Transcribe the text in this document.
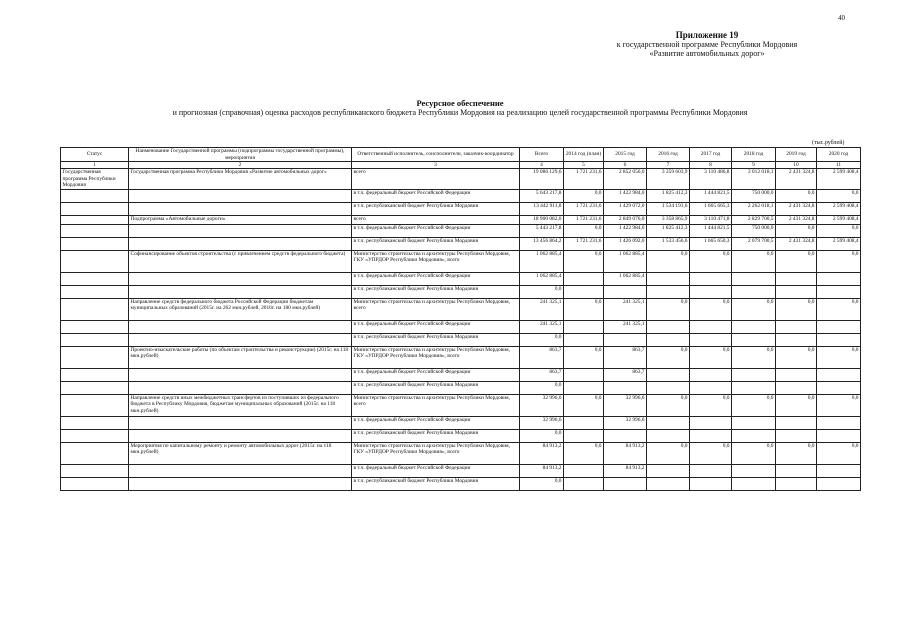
40
Приложение 19
к государственной программе Республики Мордовия
«Развитие автомобильных дорог»
Ресурсное обеспечение
и прогнозная (справочная) оценка расходов республиканского бюджета Республики Мордовия на реализацию целей государственной программы Республики Мордовия
(тыс.рублей)
Статус	Наименование Государственной программы (подпрограммы государственной программы), мероприятия	Ответственный исполнитель, соисполнители, заказчик-координатор	Всего	2014 год (план)	2015 год	2016 год	2017 год	2018 год	2019 год	2020 год
1	2	3	4	5	6	7	8	9	10	11
Государственная программа Республики Мордовия	Государственная программа Республики Мордовия «Развитие автомобильных дорог»	всего	19 086 129,6	1 721 231,6	2 852 056,0	3 359 603,9	3 110 486,8	3 012 018,1	2 431 324,8	2 599 408,4
		в т.ч. федеральный бюджет Российской Федерации	5 643 217,8	0,0	1 422 984,0	1 825 412,3	1 444 821,5	750 000,0	0,0	0,0
		в т.ч. республиканский бюджет Республики Мордовия	13 442 911,8	1 721 231,6	1 429 072,0	1 534 191,6	1 665 665,3	2 262 018,1	2 431 324,8	2 599 408,4
	Подпрограмма «Автомобильные дороги»	всего	18 900 082,0	1 721 231,6	2 849 076,0	3 358 865,9	3 110 471,8	2 829 700,5	2 431 324,8	2 599 408,4
		в т.ч. федеральный бюджет Российской Федерации	5 443 217,8	0,0	1 422 984,0	1 825 412,3	1 444 821,5	750 000,0	0,0	0,0
		в т.ч. республиканский бюджет Республики Мордовия	13 456 864,2	1 721 231,6	1 426 092,0	1 533 456,6	1 665 650,3	2 079 700,5	2 431 324,8	2 599 408,4
	Софинансирование объектов строительства (с привлечением средств федерального бюджета)	Министерство строительства и архитектуры Республики Мордовия, ГКУ «УПРДОР Республики Мордовия», всего	1 062 885,4	0,0	1 062 885,4	0,0	0,0	0,0	0,0	0,0
		в т.ч. федеральный бюджет Российской Федерации	1 062 885,4		1 062 885,4					
		в т.ч. республиканский бюджет Республики Мордовия	0,0							
	Направление средств федерального бюджета Российской Федерации бюджетам муниципальных образований (2015г. на 262 мкн.рублей, 2016г. на 180 мкн.рублей)	Министерство строительства и архитектуры Республики Мордовия, всего	241 325,1	0,0	241 325,1	0,0	0,0	0,0	0,0	0,0
		в т.ч. федеральный бюджет Российской Федерации	241 325,1		241 325,1					
		в т.ч. республиканский бюджет Республики Мордовия	0,0							
	Проектно-изыскательские работы (по объектам строительства и реконструкции) (2015г. на 118 мкн.рублей)	Министерство строительства и архитектуры Республики Мордовия, ГКУ «УПРДОР Республики Мордовия», всего	863,7	0,0	863,7	0,0	0,0	0,0	0,0	0,0
		в т.ч. федеральный бюджет Российской Федерации	863,7		863,7					
		в т.ч. республиканский бюджет Республики Мордовия	0,0							
	Направление средств иных межбюджетных трансфертов из поступивших из федерального бюджета в Республику Мордовия, бюджетам муниципальных образований (2015г. на 118 мкн.рублей)	Министерство строительства и архитектуры Республики Мордовия, всего	32 996,6	0,0	32 996,6	0,0	0,0	0,0	0,0	0,0
		в т.ч. федеральный бюджет Российской Федерации	32 996,6		32 996,6					
		в т.ч. республиканский бюджет Республики Мордовия	0,0							
	Мероприятия по капитальному ремонту и ремонту автомобильных дорог (2015г. на 118 мкн.рублей)	Министерство строительства и архитектуры Республики Мордовия, ГКУ «УПРДОР Республики Мордовия», всего	84 913,2	0,0	84 913,2	0,0	0,0	0,0	0,0	0,0
		в т.ч. федеральный бюджет Российской Федерации	84 913,2		84 913,2					
		в т.ч. республиканский бюджет Республики Мордовия	0,0							
